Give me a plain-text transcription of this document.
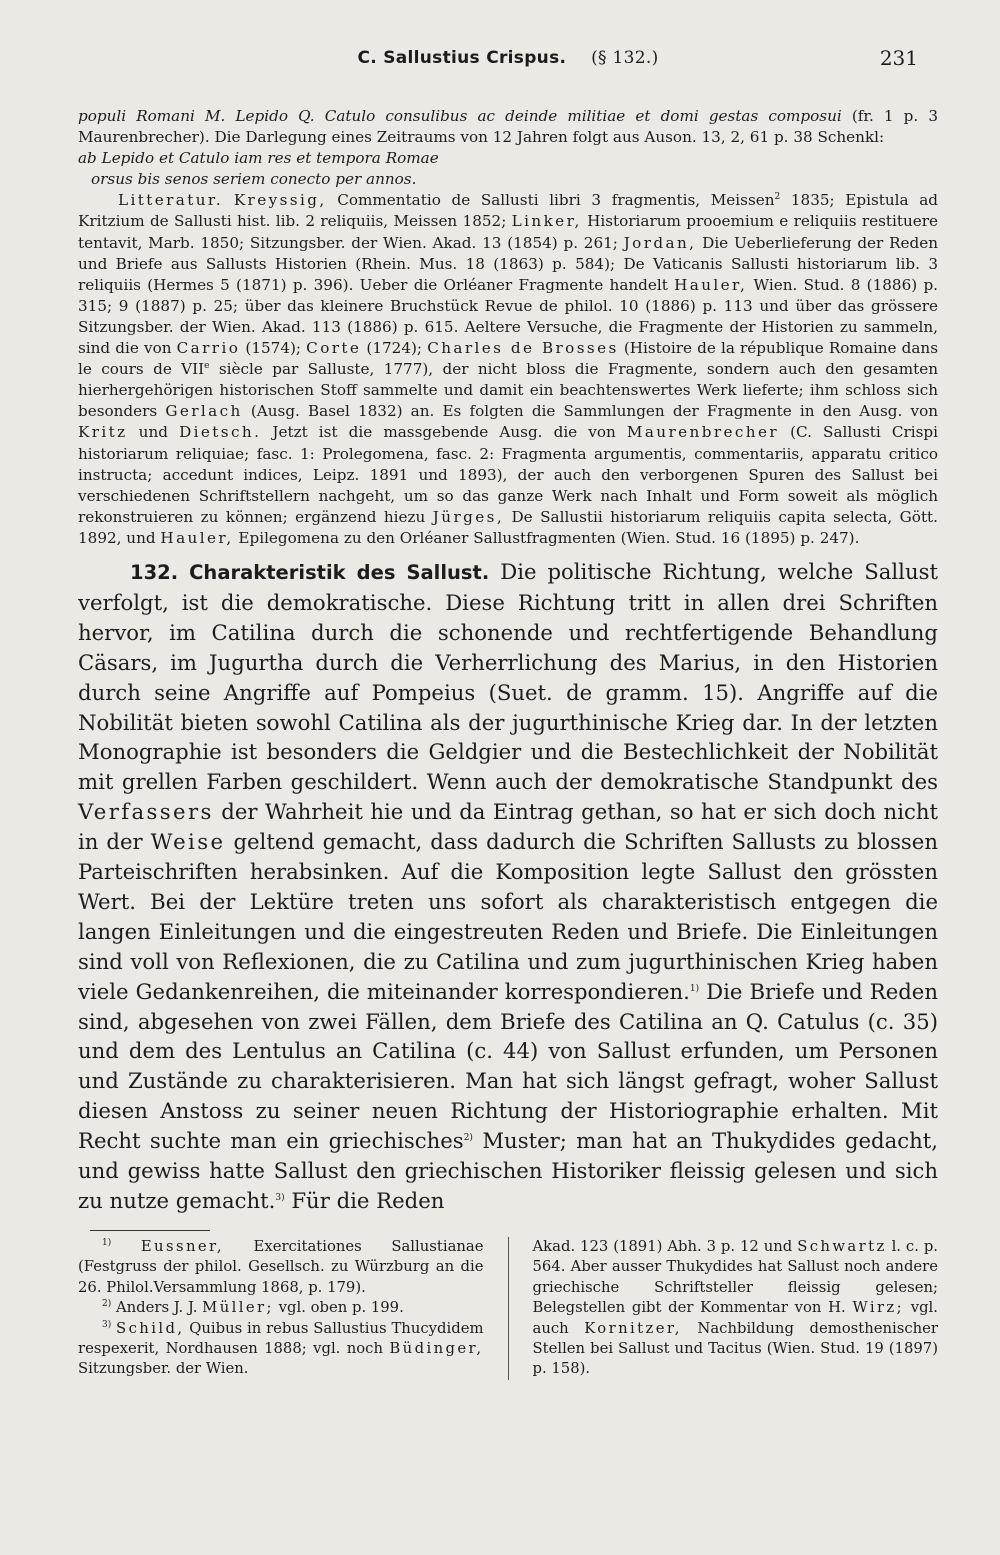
C. Sallustius Crispus. (§ 132.)	231

populi Romani M. Lepido Q. Catulo consulibus ac deinde militiae et domi gestas composui (fr. 1 p. 3 Maurenbrecher). Die Darlegung eines Zeitraums von 12 Jahren folgt aus Auson. 13, 2, 61 p. 38 Schenkl:

ab Lepido et Catulo iam res et tempora Romae
orsus bis senos seriem conecto per annos.

Litteratur. Kreyssig, Commentatio de Sallusti libri 3 fragmentis, Meissen$^2$ 1835; Epistula ad Kritzium de Sallusti hist. lib. 2 reliquiis, Meissen 1852; Linker, Historiarum prooemium e reliquiis restituere tentavit, Marb. 1850; Sitzungsber. der Wien. Akad. 13 (1854) p. 261; Jordan, Die Ueberlieferung der Reden und Briefe aus Sallusts Historien (Rhein. Mus. 18 (1863) p. 584); De Vaticanis Sallusti historiarum lib. 3 reliquiis (Hermes 5 (1871) p. 396). Ueber die Orléaner Fragmente handelt Hauler, Wien. Stud. 8 (1886) p. 315; 9 (1887) p. 25; über das kleinere Bruchstück Revue de philol. 10 (1886) p. 113 und über das grössere Sitzungsber. der Wien. Akad. 113 (1886) p. 615. Aeltere Versuche, die Fragmente der Historien zu sammeln, sind die von Carrio (1574); Corte (1724); Charles de Brosses (Histoire de la république Romaine dans le cours de VIIe siècle par Salluste, 1777), der nicht bloss die Fragmente, sondern auch den gesamten hierhergehörigen historischen Stoff sammelte und damit ein beachtenswertes Werk lieferte; ihm schloss sich besonders Gerlach (Ausg. Basel 1832) an. Es folgten die Sammlungen der Fragmente in den Ausg. von Kritz und Dietsch. Jetzt ist die massgebende Ausg. die von Maurenbrecher (C. Sallusti Crispi historiarum reliquiae; fasc. 1: Prolegomena, fasc. 2: Fragmenta argumentis, commentariis, apparatu critico instructa; accedunt indices, Leipz. 1891 und 1893), der auch den verborgenen Spuren des Sallust bei verschiedenen Schriftstellern nachgeht, um so das ganze Werk nach Inhalt und Form soweit als möglich rekonstruieren zu können; ergänzend hiezu Jürges, De Sallustii historiarum reliquiis capita selecta, Gött. 1892, und Hauler, Epilegomena zu den Orléaner Sallustfragmenten (Wien. Stud. 16 (1895) p. 247).

132. Charakteristik des Sallust. Die politische Richtung, welche Sallust verfolgt, ist die demokratische. Diese Richtung tritt in allen drei Schriften hervor, im Catilina durch die schonende und rechtfertigende Behandlung Cäsars, im Jugurtha durch die Verherrlichung des Marius, in den Historien durch seine Angriffe auf Pompeius (Suet. de gramm. 15). Angriffe auf die Nobilität bieten sowohl Catilina als der jugurthinische Krieg dar. In der letzten Monographie ist besonders die Geldgier und die Bestechlichkeit der Nobilität mit grellen Farben geschildert. Wenn auch der demokratische Standpunkt des Verfassers der Wahrheit hie und da Eintrag gethan, so hat er sich doch nicht in der Weise geltend gemacht, dass dadurch die Schriften Sallusts zu blossen Parteischriften herabsinken. Auf die Komposition legte Sallust den grössten Wert. Bei der Lektüre treten uns sofort als charakteristisch entgegen die langen Einleitungen und die eingestreuten Reden und Briefe. Die Einleitungen sind voll von Reflexionen, die zu Catilina und zum jugurthinischen Krieg haben viele Gedankenreihen, die miteinander korrespondieren.$^{1)}$ Die Briefe und Reden sind, abgesehen von zwei Fällen, dem Briefe des Catilina an Q. Catulus (c. 35) und dem des Lentulus an Catilina (c. 44) von Sallust erfunden, um Personen und Zustände zu charakterisieren. Man hat sich längst gefragt, woher Sallust diesen Anstoss zu seiner neuen Richtung der Historiographie erhalten. Mit Recht suchte man ein griechisches$^{2)}$ Muster; man hat an Thukydides gedacht, und gewiss hatte Sallust den griechischen Historiker fleissig gelesen und sich zu nutze gemacht.$^{3)}$ Für die Reden

$^{1)}$ Eussner, Exercitationes Sallustianae (Festgruss der philol. Gesellsch. zu Würzburg an die 26. Philol.Versammlung 1868, p. 179).

$^{2)}$ Anders J. J. Müller; vgl. oben p. 199.

$^{3)}$ Schild, Quibus in rebus Sallustius Thucydidem respexerit, Nordhausen 1888; vgl. noch Büdinger, Sitzungsber. der Wien.

Akad. 123 (1891) Abh. 3 p. 12 und Schwartz l. c. p. 564. Aber ausser Thukydides hat Sallust noch andere griechische Schriftsteller fleissig gelesen; Belegstellen gibt der Kommentar von H. Wirz; vgl. auch Kornitzer, Nachbildung demosthenischer Stellen bei Sallust und Tacitus (Wien. Stud. 19 (1897) p. 158).
